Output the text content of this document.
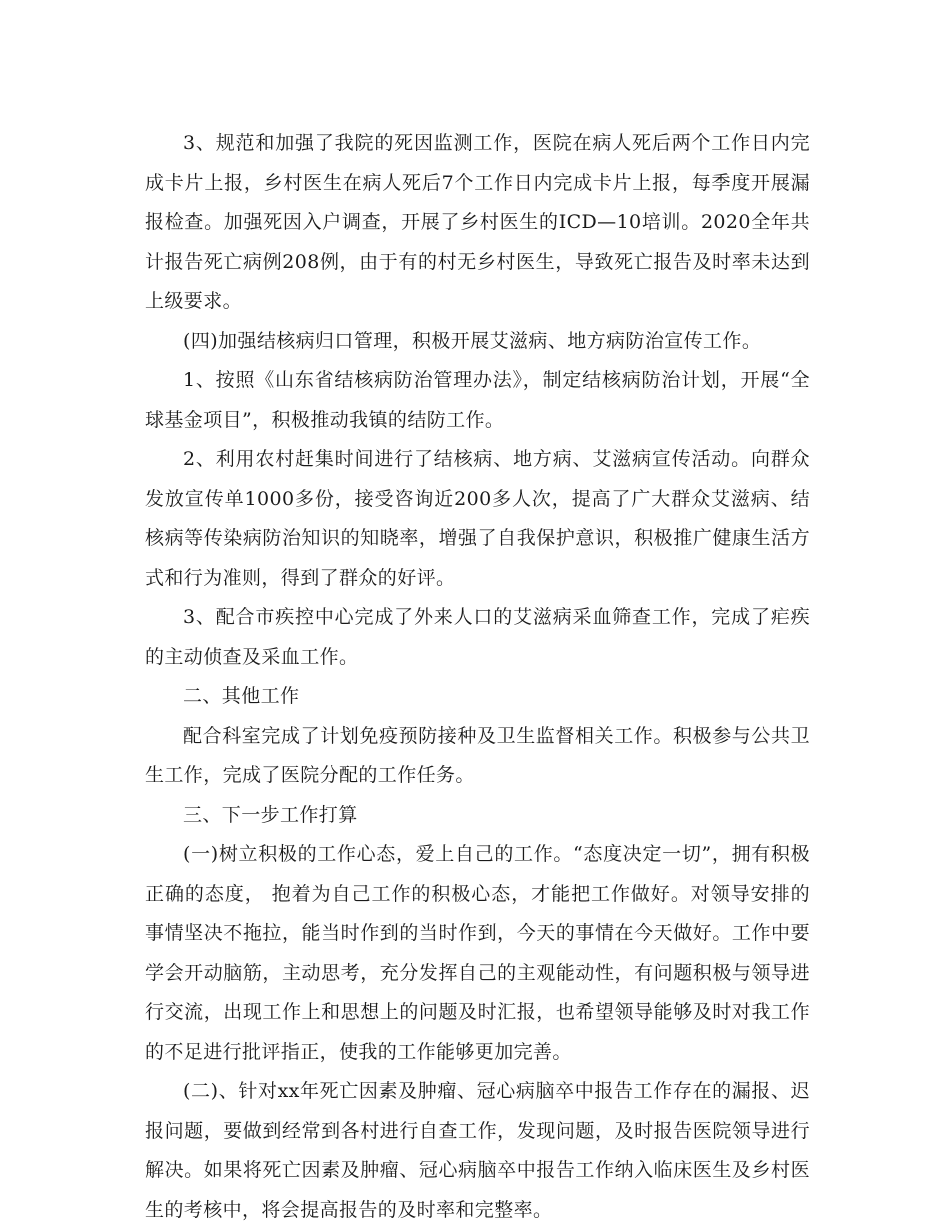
3、规范和加强了我院的死因监测工作，医院在病人死后两个工作日内完成卡片上报，乡村医生在病人死后7个工作日内完成卡片上报，每季度开展漏报检查。加强死因入户调查，开展了乡村医生的ICD—10培训。2020全年共计报告死亡病例208例，由于有的村无乡村医生，导致死亡报告及时率未达到上级要求。

(四)加强结核病归口管理，积极开展艾滋病、地方病防治宣传工作。

1、按照《山东省结核病防治管理办法》，制定结核病防治计划，开展“全球基金项目”，积极推动我镇的结防工作。

2、利用农村赶集时间进行了结核病、地方病、艾滋病宣传活动。向群众发放宣传单1000多份，接受咨询近200多人次，提高了广大群众艾滋病、结核病等传染病防治知识的知晓率，增强了自我保护意识，积极推广健康生活方式和行为准则，得到了群众的好评。

3、配合市疾控中心完成了外来人口的艾滋病采血筛查工作，完成了疟疾的主动侦查及采血工作。

二、其他工作

配合科室完成了计划免疫预防接种及卫生监督相关工作。积极参与公共卫生工作，完成了医院分配的工作任务。

三、下一步工作打算

(一)树立积极的工作心态，爱上自己的工作。“态度决定一切”，拥有积极正确的态度， 抱着为自己工作的积极心态，才能把工作做好。对领导安排的事情坚决不拖拉，能当时作到的当时作到，今天的事情在今天做好。工作中要学会开动脑筋，主动思考，充分发挥自己的主观能动性，有问题积极与领导进行交流，出现工作上和思想上的问题及时汇报，也希望领导能够及时对我工作的不足进行批评指正，使我的工作能够更加完善。

(二)、针对xx年死亡因素及肿瘤、冠心病脑卒中报告工作存在的漏报、迟报问题，要做到经常到各村进行自查工作，发现问题，及时报告医院领导进行解决。如果将死亡因素及肿瘤、冠心病脑卒中报告工作纳入临床医生及乡村医生的考核中，将会提高报告的及时率和完整率。
